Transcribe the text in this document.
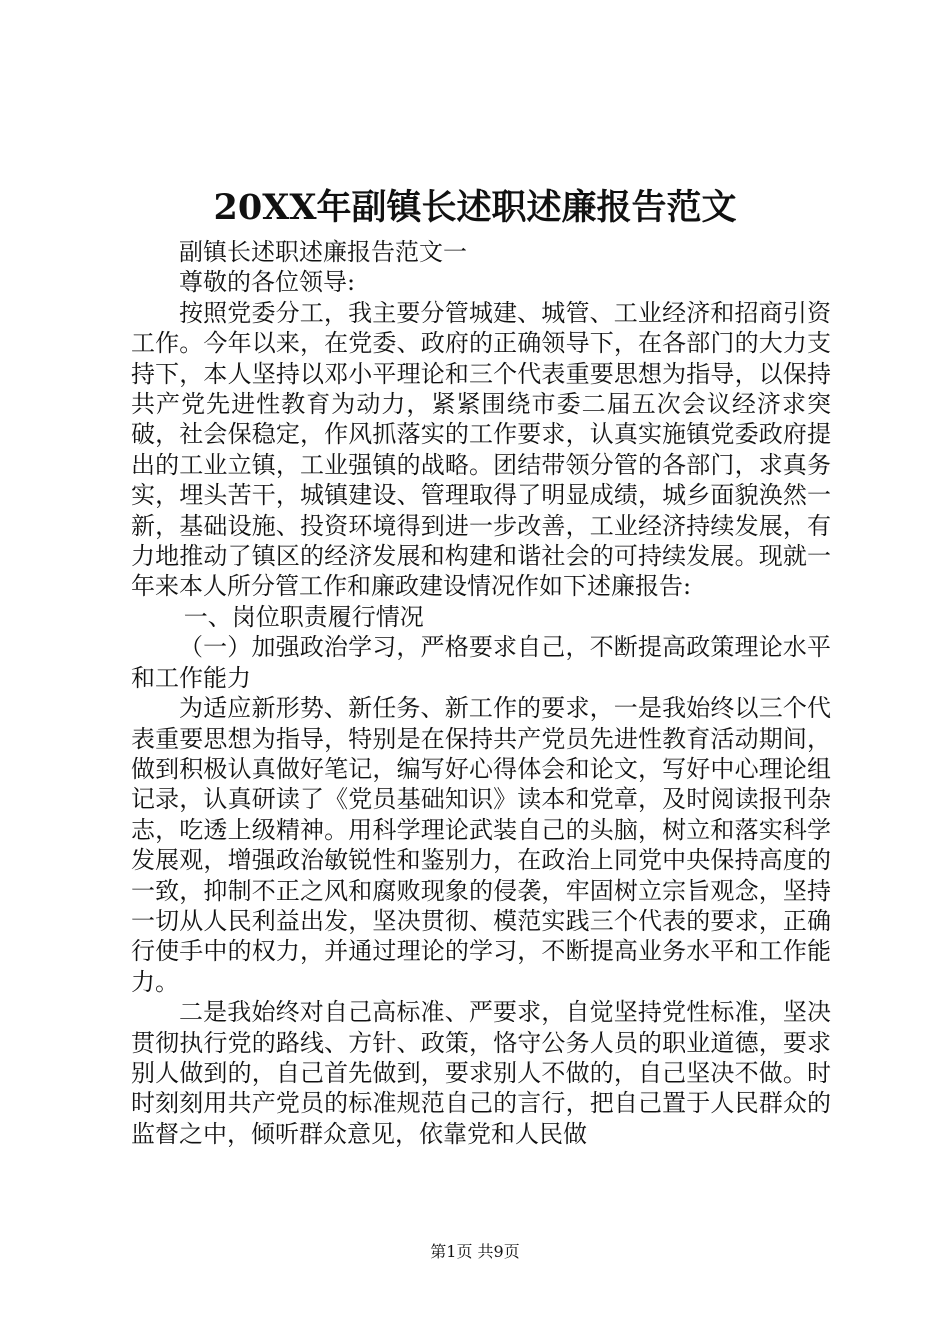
20XX年副镇长述职述廉报告范文

副镇长述职述廉报告范文一

尊敬的各位领导:

按照党委分工，我主要分管城建、城管、工业经济和招商引资工作。今年以来，在党委、政府的正确领导下，在各部门的大力支持下，本人坚持以邓小平理论和三个代表重要思想为指导，以保持共产党先进性教育为动力，紧紧围绕市委二届五次会议经济求突破，社会保稳定，作风抓落实的工作要求，认真实施镇党委政府提出的工业立镇，工业强镇的战略。团结带领分管的各部门，求真务实，埋头苦干，城镇建设、管理取得了明显成绩，城乡面貌涣然一新，基础设施、投资环境得到进一步改善，工业经济持续发展，有力地推动了镇区的经济发展和构建和谐社会的可持续发展。现就一年来本人所分管工作和廉政建设情况作如下述廉报告:

一、岗位职责履行情况

（一）加强政治学习，严格要求自己，不断提高政策理论水平和工作能力

为适应新形势、新任务、新工作的要求，一是我始终以三个代表重要思想为指导，特别是在保持共产党员先进性教育活动期间，做到积极认真做好笔记，编写好心得体会和论文，写好中心理论组记录，认真研读了《党员基础知识》读本和党章，及时阅读报刊杂志，吃透上级精神。用科学理论武装自己的头脑，树立和落实科学发展观，增强政治敏锐性和鉴别力，在政治上同党中央保持高度的一致，抑制不正之风和腐败现象的侵袭，牢固树立宗旨观念，坚持一切从人民利益出发，坚决贯彻、模范实践三个代表的要求，正确行使手中的权力，并通过理论的学习，不断提高业务水平和工作能力。

二是我始终对自己高标准、严要求，自觉坚持党性标准，坚决贯彻执行党的路线、方针、政策，恪守公务人员的职业道德，要求别人做到的，自己首先做到，要求别人不做的，自己坚决不做。时时刻刻用共产党员的标准规范自己的言行，把自己置于人民群众的监督之中，倾听群众意见，依靠党和人民做

第1页 共9页
